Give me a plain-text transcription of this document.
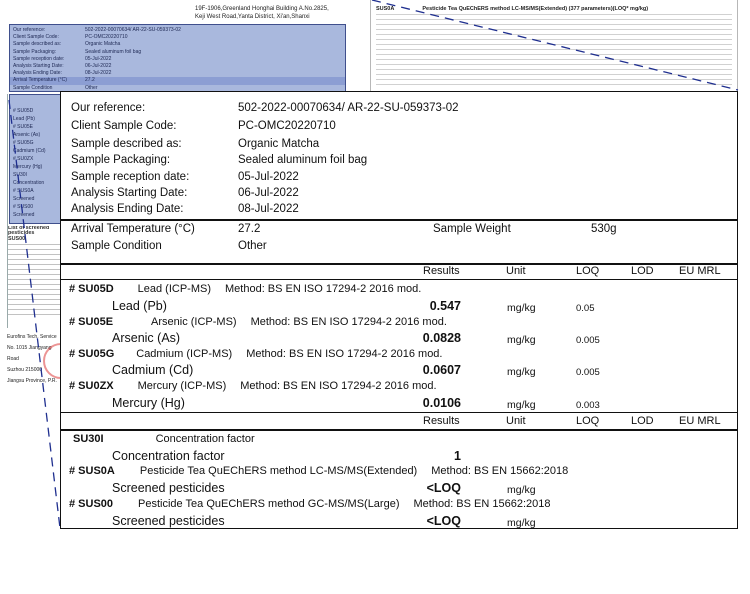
19F-1906,Greenland Honghai Building A.No.2825,
Keji West Road,Yanta District, Xi'an,Shanxi
Our reference:	502-2022-00070634/ AR-22-SU-059373-02
Client Sample Code:	PC-OMC20220710
Sample described as:	Organic Matcha
Sample Packaging:	Sealed aluminum foil bag
Sample reception date:	05-Jul-2022
Analysis Starting Date:	06-Jul-2022
Analysis Ending Date:	08-Jul-2022
Arrival Temperature (°C)	27.2
Sample Condition	Other
# SU05D
Lead (Pb)
# SU05E
Arsenic (As)
# SU05G
Cadmium (Cd)
# SU0ZX
Mercury (Hg)
SU30I
Concentration
# SUS0A
Screened
# SUS00
Screened
List of screened pesticides
SUS00
Eurofins Tech. Service
No. 1015 Jiangyang Road
Suzhou 215000
Jiangsu Province, P.R.
SUS0A	Pesticide Tea QuEChERS method LC-MS/MS(Extended) (377 parameters)(LOQ* mg/kg)
Our reference:	502-2022-00070634/ AR-22-SU-059373-02
Client Sample Code:	PC-OMC20220710
Sample described as:	Organic Matcha
Sample Packaging:	Sealed aluminum foil bag
Sample reception date:	05-Jul-2022
Analysis Starting Date:	06-Jul-2022
Analysis Ending Date:	08-Jul-2022
Arrival Temperature (°C)	27.2	Sample Weight	530g
Sample Condition	Other
Results	Unit	LOQ	LOD EU MRL
# SU05D Lead (ICP-MS) Method: BS EN ISO 17294-2 2016 mod.
Lead (Pb)	0.547	mg/kg	0.05
# SU05E	Arsenic (ICP-MS) Method: BS EN ISO 17294-2 2016 mod.
Arsenic (As)	0.0828	mg/kg	0.005
# SU05G Cadmium (ICP-MS) Method: BS EN ISO 17294-2 2016 mod.
Cadmium (Cd)	0.0607	mg/kg	0.005
# SU0ZX Mercury (ICP-MS) Method: BS EN ISO 17294-2 2016 mod.
Mercury (Hg)	0.0106	mg/kg	0.003
Results	Unit	LOQ	LOD EU MRL
SU30I	Concentration factor
Concentration factor	1
# SUS0A Pesticide Tea QuEChERS method LC-MS/MS(Extended) Method: BS EN 15662:2018
Screened pesticides	<LOQ	mg/kg
# SUS00 Pesticide Tea QuEChERS method GC-MS/MS(Large) Method: BS EN 15662:2018
Screened pesticides	<LOQ	mg/kg
